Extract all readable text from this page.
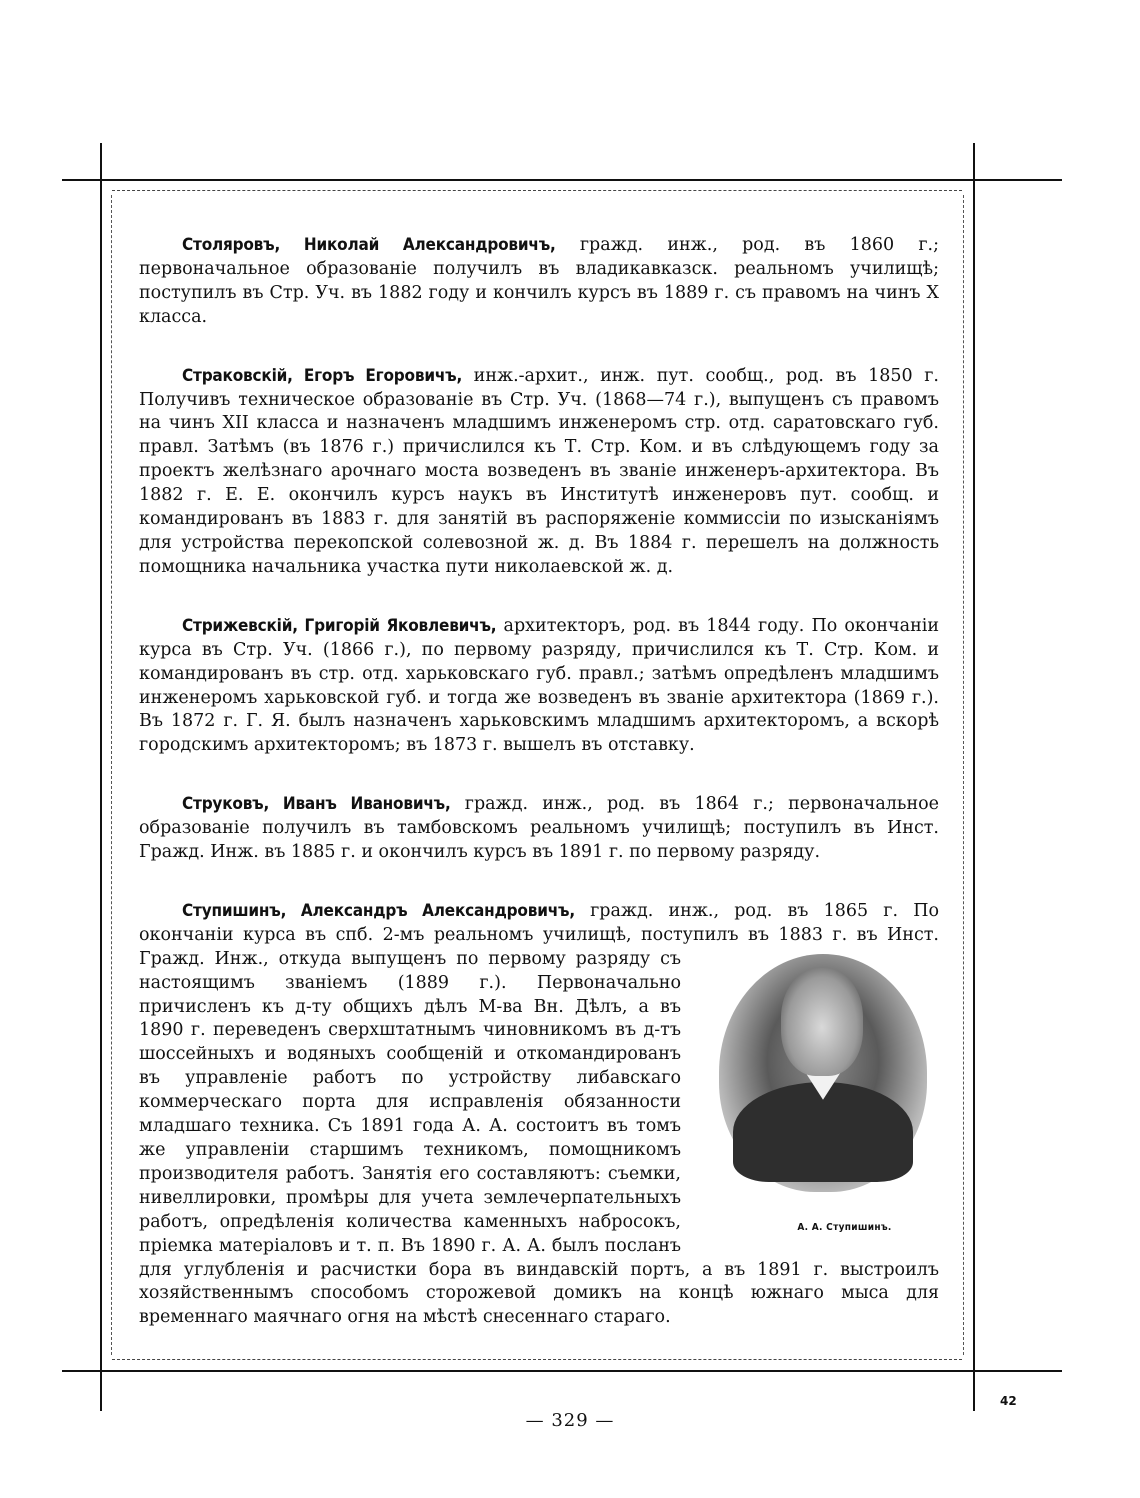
Столяровъ, Николай Александровичъ, гражд. инж., род. въ 1860 г.; первоначальное образованіе получилъ въ владикавказск. реальномъ училищѣ; поступилъ въ Стр. Уч. въ 1882 году и кончилъ курсъ въ 1889 г. съ правомъ на чинъ X класса.

Страковскій, Егоръ Егоровичъ, инж.-архит., инж. пут. сообщ., род. въ 1850 г. Получивъ техническое образованіе въ Стр. Уч. (1868—74 г.), выпущенъ съ правомъ на чинъ XII класса и назначенъ младшимъ инженеромъ стр. отд. саратовскаго губ. правл. Затѣмъ (въ 1876 г.) причислился къ Т. Стр. Ком. и въ слѣдующемъ году за проектъ желѣзнаго арочнаго моста возведенъ въ званіе инженеръ-архитектора. Въ 1882 г. Е. Е. окончилъ курсъ наукъ въ Институтѣ инженеровъ пут. сообщ. и командированъ въ 1883 г. для занятій въ распоряженіе коммиссіи по изысканіямъ для устройства перекопской солевозной ж. д. Въ 1884 г. перешелъ на должность помощника начальника участка пути николаевской ж. д.

Стрижевскій, Григорій Яковлевичъ, архитекторъ, род. въ 1844 году. По окончаніи курса въ Стр. Уч. (1866 г.), по первому разряду, причислился къ Т. Стр. Ком. и командированъ въ стр. отд. харьковскаго губ. правл.; затѣмъ опредѣленъ младшимъ инженеромъ харьковской губ. и тогда же возведенъ въ званіе архитектора (1869 г.). Въ 1872 г. Г. Я. былъ назначенъ харьковскимъ младшимъ архитекторомъ, а вскорѣ городскимъ архитекторомъ; въ 1873 г. вышелъ въ отставку.

Струковъ, Иванъ Ивановичъ, гражд. инж., род. въ 1864 г.; первоначальное образованіе получилъ въ тамбовскомъ реальномъ училищѣ; поступилъ въ Инст. Гражд. Инж. въ 1885 г. и окончилъ курсъ въ 1891 г. по первому разряду.

Ступишинъ, Александръ Александровичъ, гражд. инж., род. въ 1865 г. По окончаніи курса въ спб. 2-мъ реальномъ училищѣ, поступилъ въ 1883 г. въ Инст. Гражд. Инж.,
А. А. Ступишинъ.
откуда выпущенъ по первому разряду съ настоящимъ званіемъ (1889 г.). Первоначально причисленъ къ д-ту общихъ дѣлъ М-ва Вн. Дѣлъ, а въ 1890 г. переведенъ сверхштатнымъ чиновникомъ въ д-тъ шоссейныхъ и водяныхъ сообщеній и откомандированъ въ управленіе работъ по устройству либавскаго коммерческаго порта для исправленія обязанности младшаго техника. Съ 1891 года А. А. состоитъ въ томъ же управленіи старшимъ техникомъ, помощникомъ производителя работъ. Занятія его составляютъ: съемки, нивеллировки, промѣры для учета землечерпательныхъ работъ, опредѣленія количества каменныхъ набросокъ, пріемка матеріаловъ и т. п. Въ 1890 г. А. А. былъ посланъ для углубленія и расчистки бора въ виндавскій портъ, а въ 1891 г. выстроилъ хозяйственнымъ способомъ сторожевой домикъ на концѣ южнаго мыса для временнаго маячнаго огня на мѣстѣ снесеннаго стараго.

— 329 —
42
